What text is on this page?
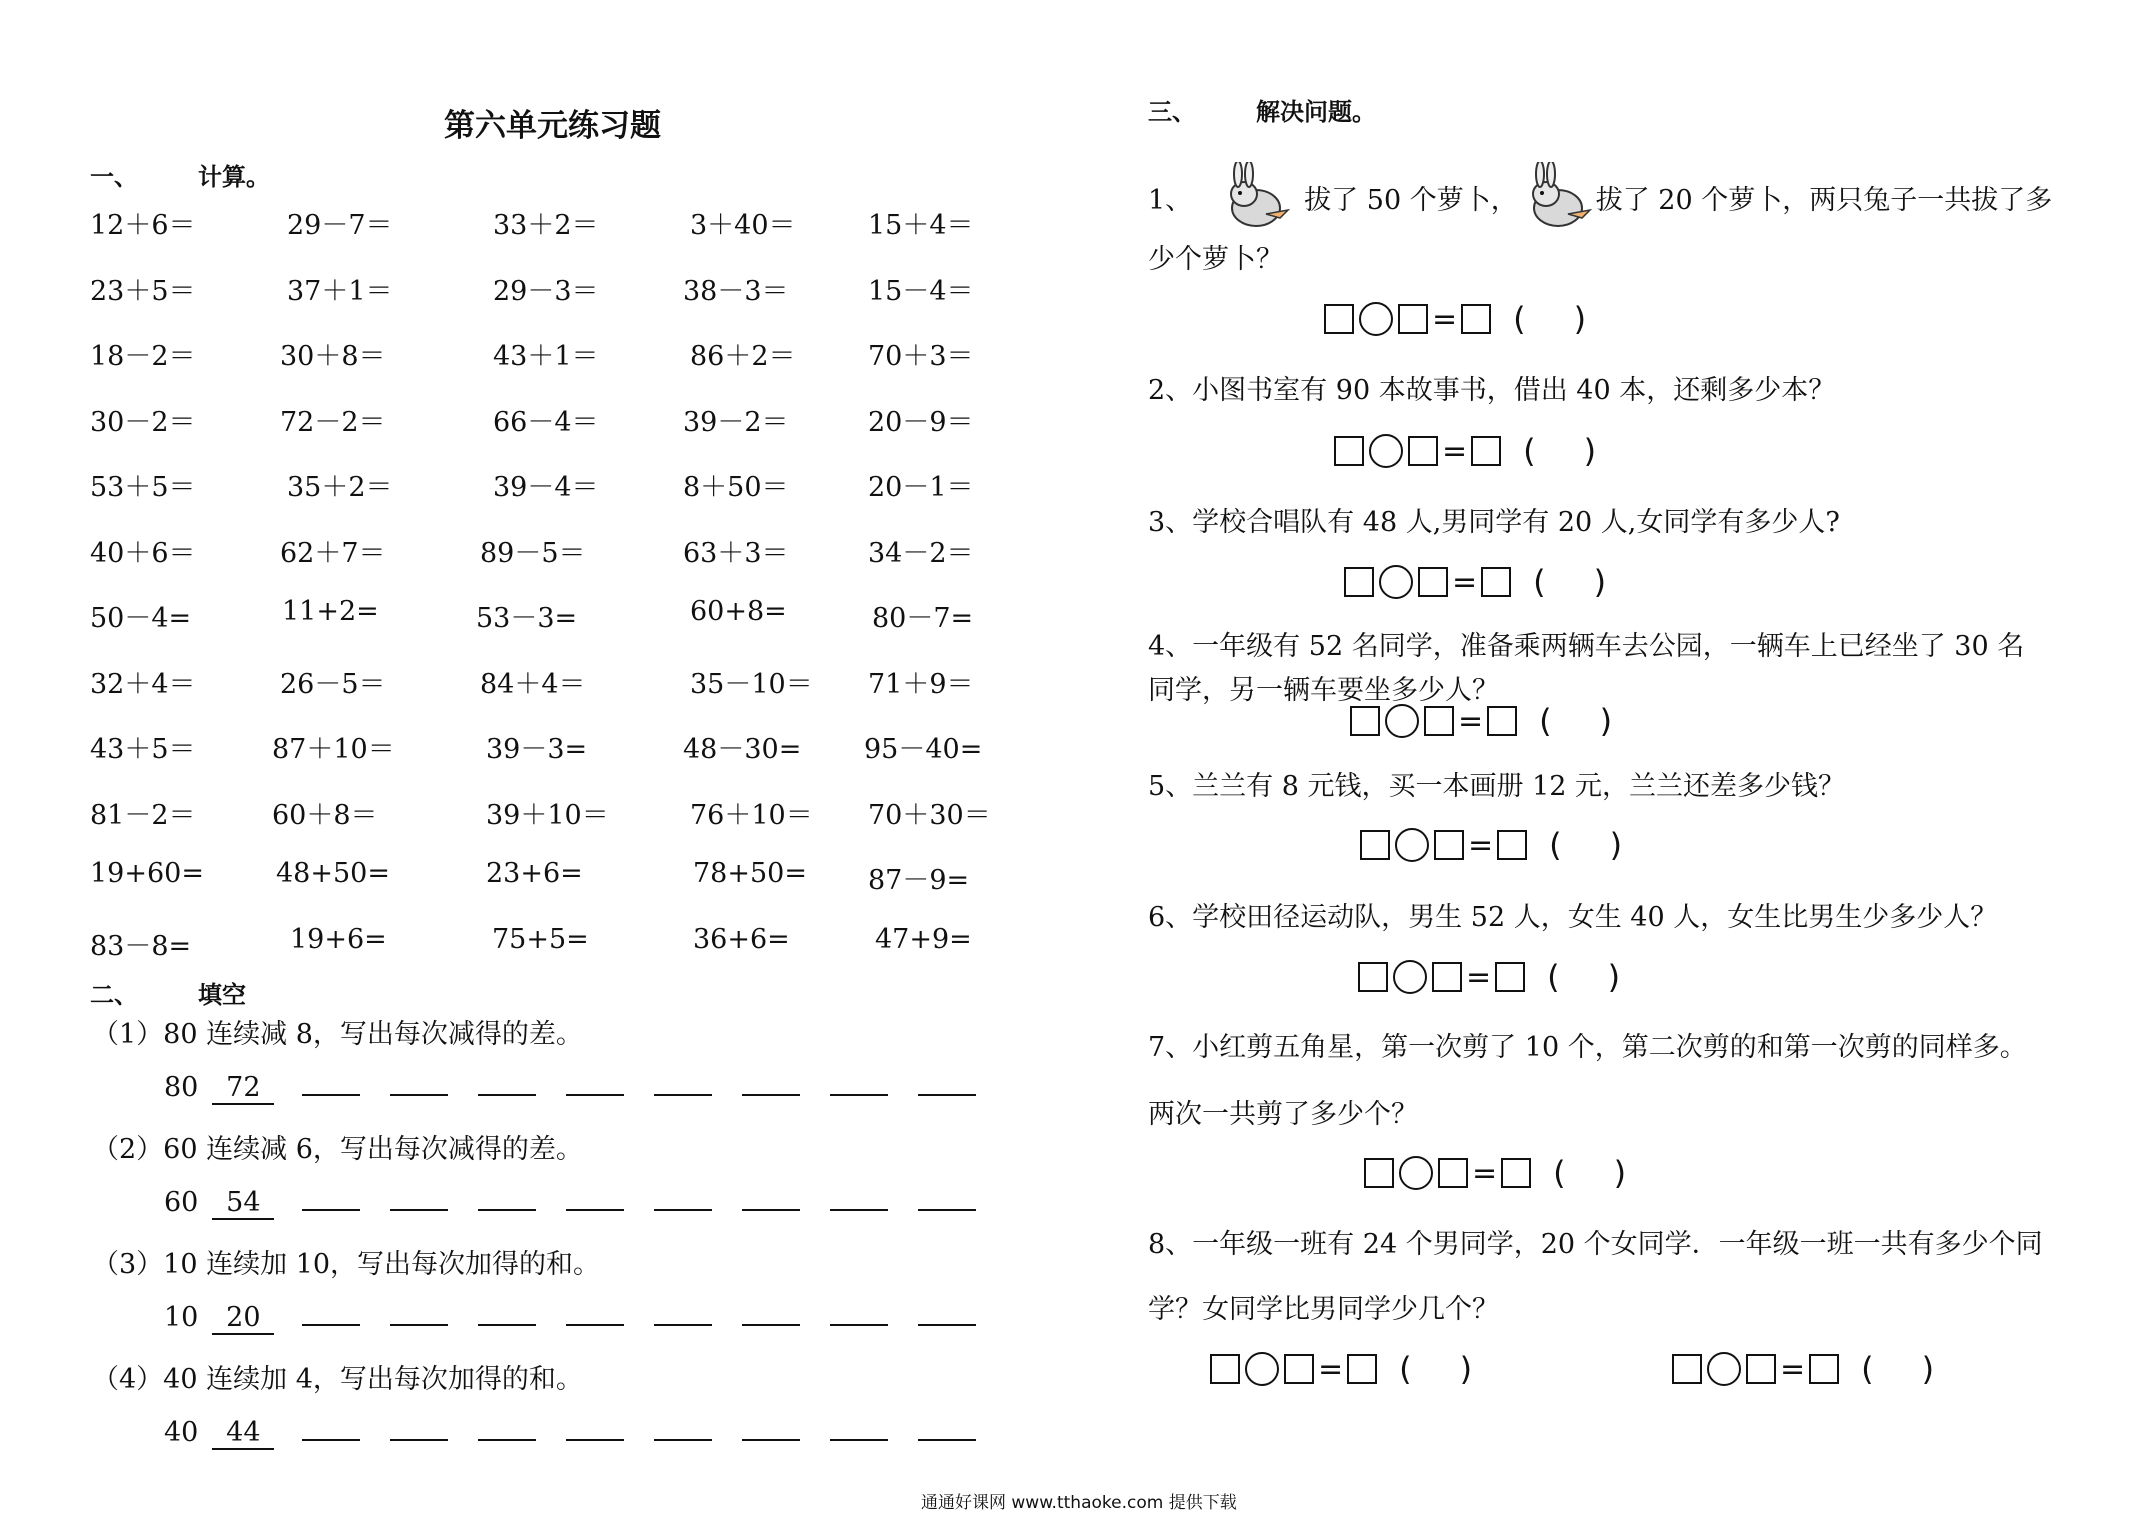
第六单元练习题
一、	计算。
12＋6＝	29－7＝	33＋2＝	3＋40＝	15＋4＝
23＋5＝	37＋1＝	29－3＝	38－3＝	15－4＝
18－2＝	30＋8＝	43＋1＝	86＋2＝	70＋3＝
30－2＝	72－2＝	66－4＝	39－2＝	20－9＝
53＋5＝	35＋2＝	39－4＝	8＋50＝	20－1＝
40＋6＝	62＋7＝	89－5＝	63＋3＝	34－2＝
50－4=	11+2=	53－3=	60+8=	80－7=
32＋4＝	26－5＝	84＋4＝	35－10＝ 71＋9＝
43＋5＝	87＋10＝	39－3=	48－30= 95－40=
81－2＝	60＋8＝	39＋10＝	76＋10＝ 70＋30＝
19+60=	48+50=	23+6=	78+50= 87－9=
83－8=	19+6=	75+5=	36+6=	47+9=
二、	填空
（1）80 连续减 8，写出每次减得的差。
80 72
（2）60 连续减 6，写出每次减得的差。
60 54
（3）10 连续加 10，写出每次加得的和。
10 20
（4）40 连续加 4，写出每次加得的和。
40 44
三、	解决问题。
1、	拔了 50 个萝卜，	拔了 20 个萝卜，两只兔子一共拔了多
少个萝卜？
= ( )
2、小图书室有 90 本故事书，借出 40 本，还剩多少本？
= ( )
3、学校合唱队有 48 人,男同学有 20 人,女同学有多少人?
= ( )
4、一年级有 52 名同学，准备乘两辆车去公园，一辆车上已经坐了 30 名
同学，另一辆车要坐多少人？
= ( )
5、兰兰有 8 元钱，买一本画册 12 元，兰兰还差多少钱？
= ( )
6、学校田径运动队，男生 52 人，女生 40 人，女生比男生少多少人？
= ( )
7、小红剪五角星，第一次剪了 10 个，第二次剪的和第一次剪的同样多。
两次一共剪了多少个？
= ( )
8、一年级一班有 24 个男同学，20 个女同学．一年级一班一共有多少个同
学？女同学比男同学少几个？
= ( )	= ( )
通通好课网 www.tthaoke.com 提供下载
